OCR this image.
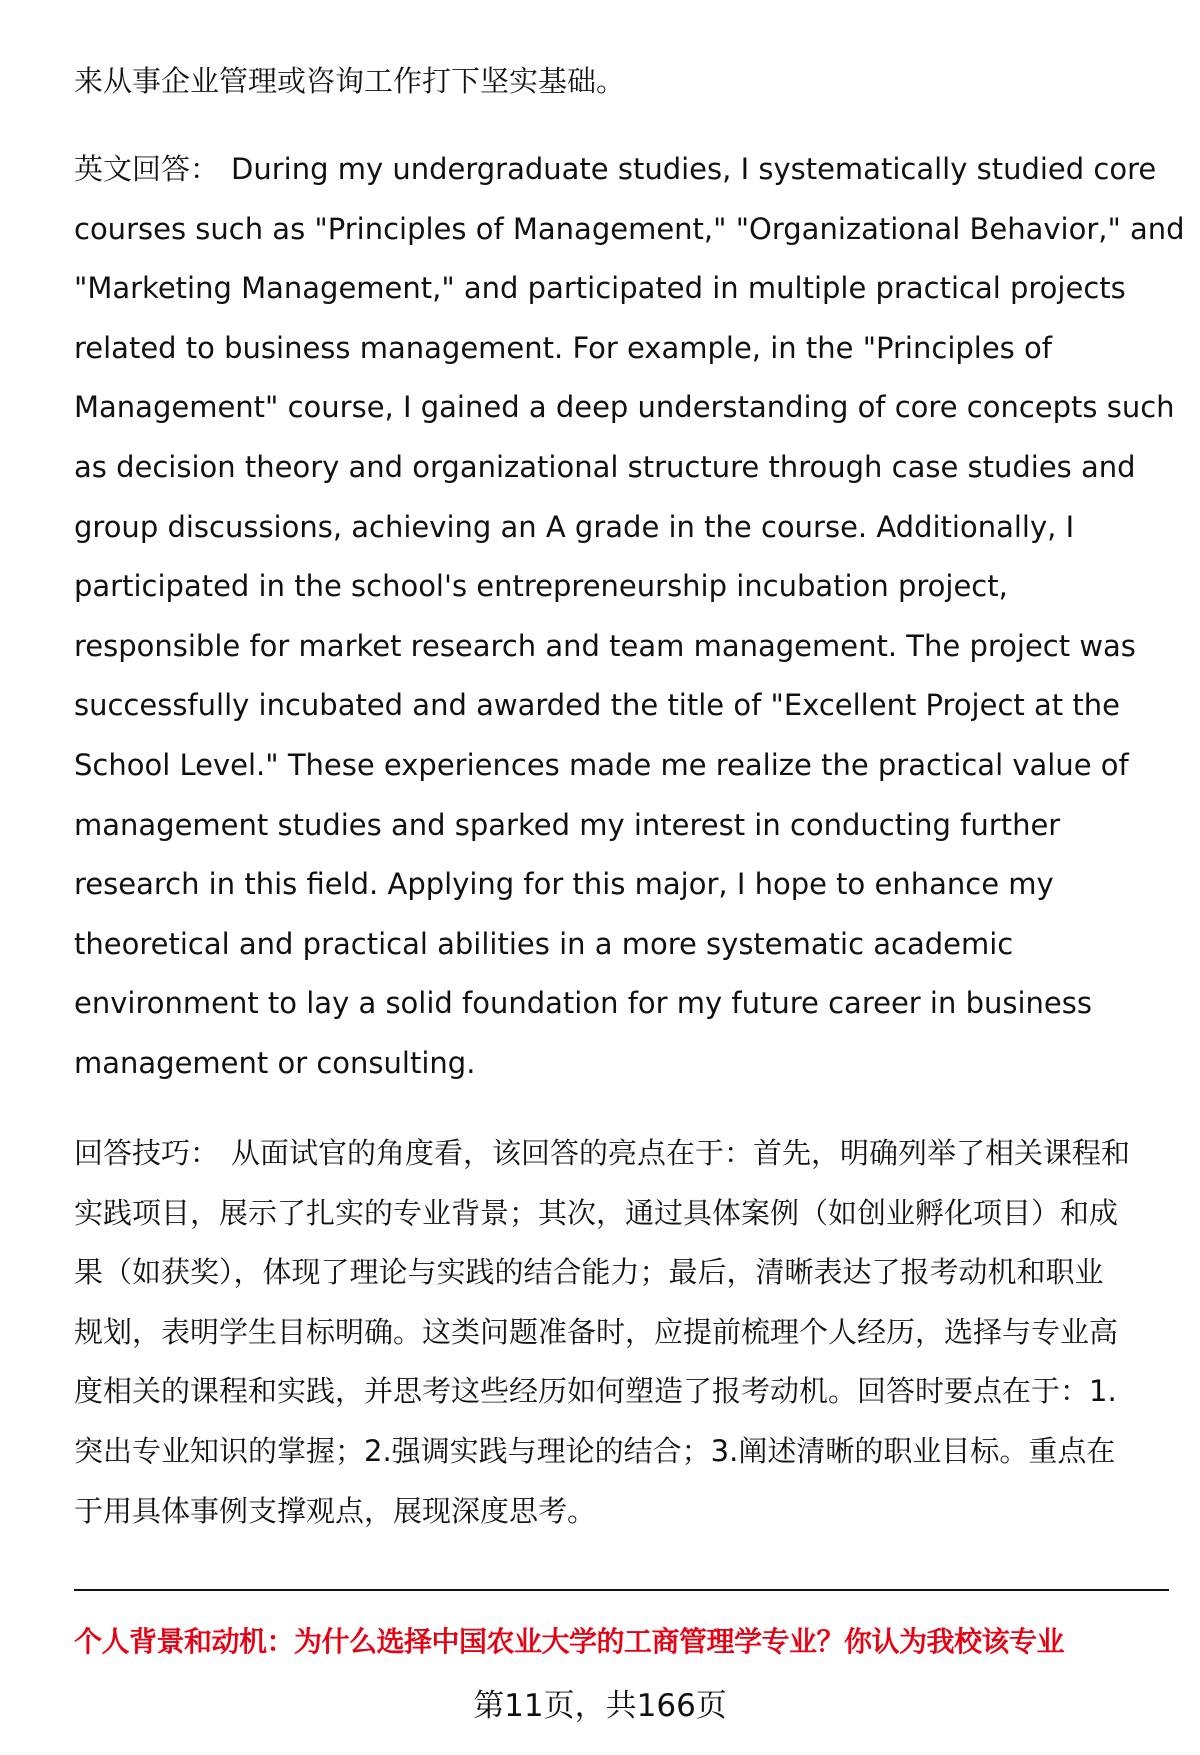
来从事企业管理或咨询工作打下坚实基础。
英文回答： During my undergraduate studies, I systematically studied core
courses such as "Principles of Management," "Organizational Behavior," and
"Marketing Management," and participated in multiple practical projects
related to business management. For example, in the "Principles of
Management" course, I gained a deep understanding of core concepts such
as decision theory and organizational structure through case studies and
group discussions, achieving an A grade in the course. Additionally, I
participated in the school's entrepreneurship incubation project,
responsible for market research and team management. The project was
successfully incubated and awarded the title of "Excellent Project at the
School Level." These experiences made me realize the practical value of
management studies and sparked my interest in conducting further
research in this field. Applying for this major, I hope to enhance my
theoretical and practical abilities in a more systematic academic
environment to lay a solid foundation for my future career in business
management or consulting.
回答技巧： 从面试官的角度看，该回答的亮点在于：首先，明确列举了相关课程和
实践项目，展示了扎实的专业背景；其次，通过具体案例（如创业孵化项目）和成
果（如获奖），体现了理论与实践的结合能力；最后，清晰表达了报考动机和职业
规划，表明学生目标明确。这类问题准备时，应提前梳理个人经历，选择与专业高
度相关的课程和实践，并思考这些经历如何塑造了报考动机。回答时要点在于：1.
突出专业知识的掌握；2.强调实践与理论的结合；3.阐述清晰的职业目标。重点在
于用具体事例支撑观点，展现深度思考。
个人背景和动机：为什么选择中国农业大学的工商管理学专业？你认为我校该专业
第11页，共166页
